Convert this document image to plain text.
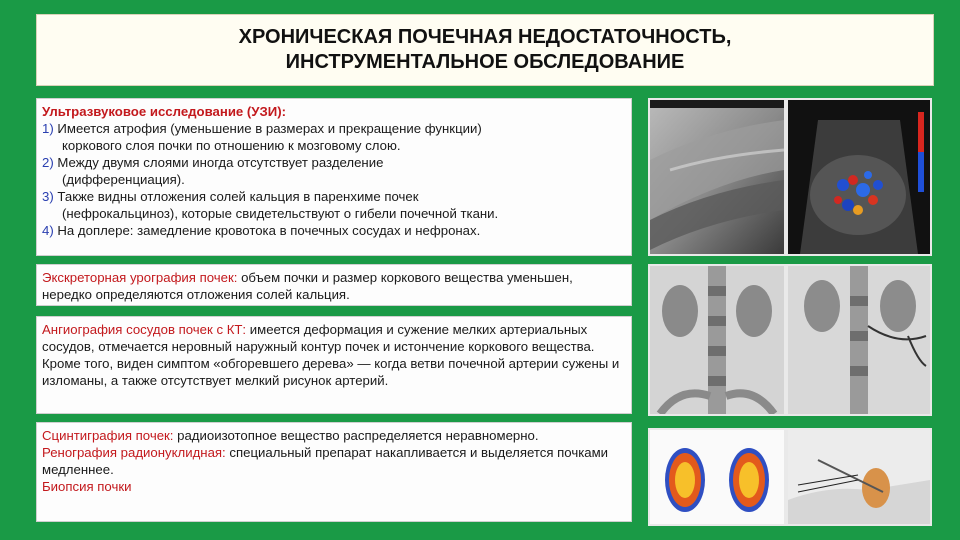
ХРОНИЧЕСКАЯ ПОЧЕЧНАЯ НЕДОСТАТОЧНОСТЬ,
ИНСТРУМЕНТАЛЬНОЕ ОБСЛЕДОВАНИЕ
Ультразвуковое исследование (УЗИ):
1) Имеется атрофия (уменьшение в размерах и прекращение функции)
коркового слоя почки по отношению к мозговому слою.
2) Между двумя слоями иногда отсутствует разделение
(дифференциация).
3) Также видны отложения солей кальция в паренхиме почек
(нефрокальциноз), которые свидетельствуют о гибели почечной ткани.
4) На доплере: замедление кровотока в почечных сосудах и нефронах.
Экскреторная урография почек: объем почки и размер коркового вещества уменьшен, нередко определяются отложения солей кальция.
Ангиография сосудов почек с КТ: имеется деформация и сужение мелких артериальных сосудов, отмечается неровный наружный контур почек и истончение коркового вещества. Кроме того, виден симптом «обгоревшего дерева» — когда ветви почечной артерии сужены и изломаны, а также отсутствует мелкий рисунок артерий.
Сцинтиграфия почек: радиоизотопное вещество распределяется неравномерно.
Ренография радионуклидная: специальный препарат накапливается и выделяется почками медленнее.
Биопсия почки
